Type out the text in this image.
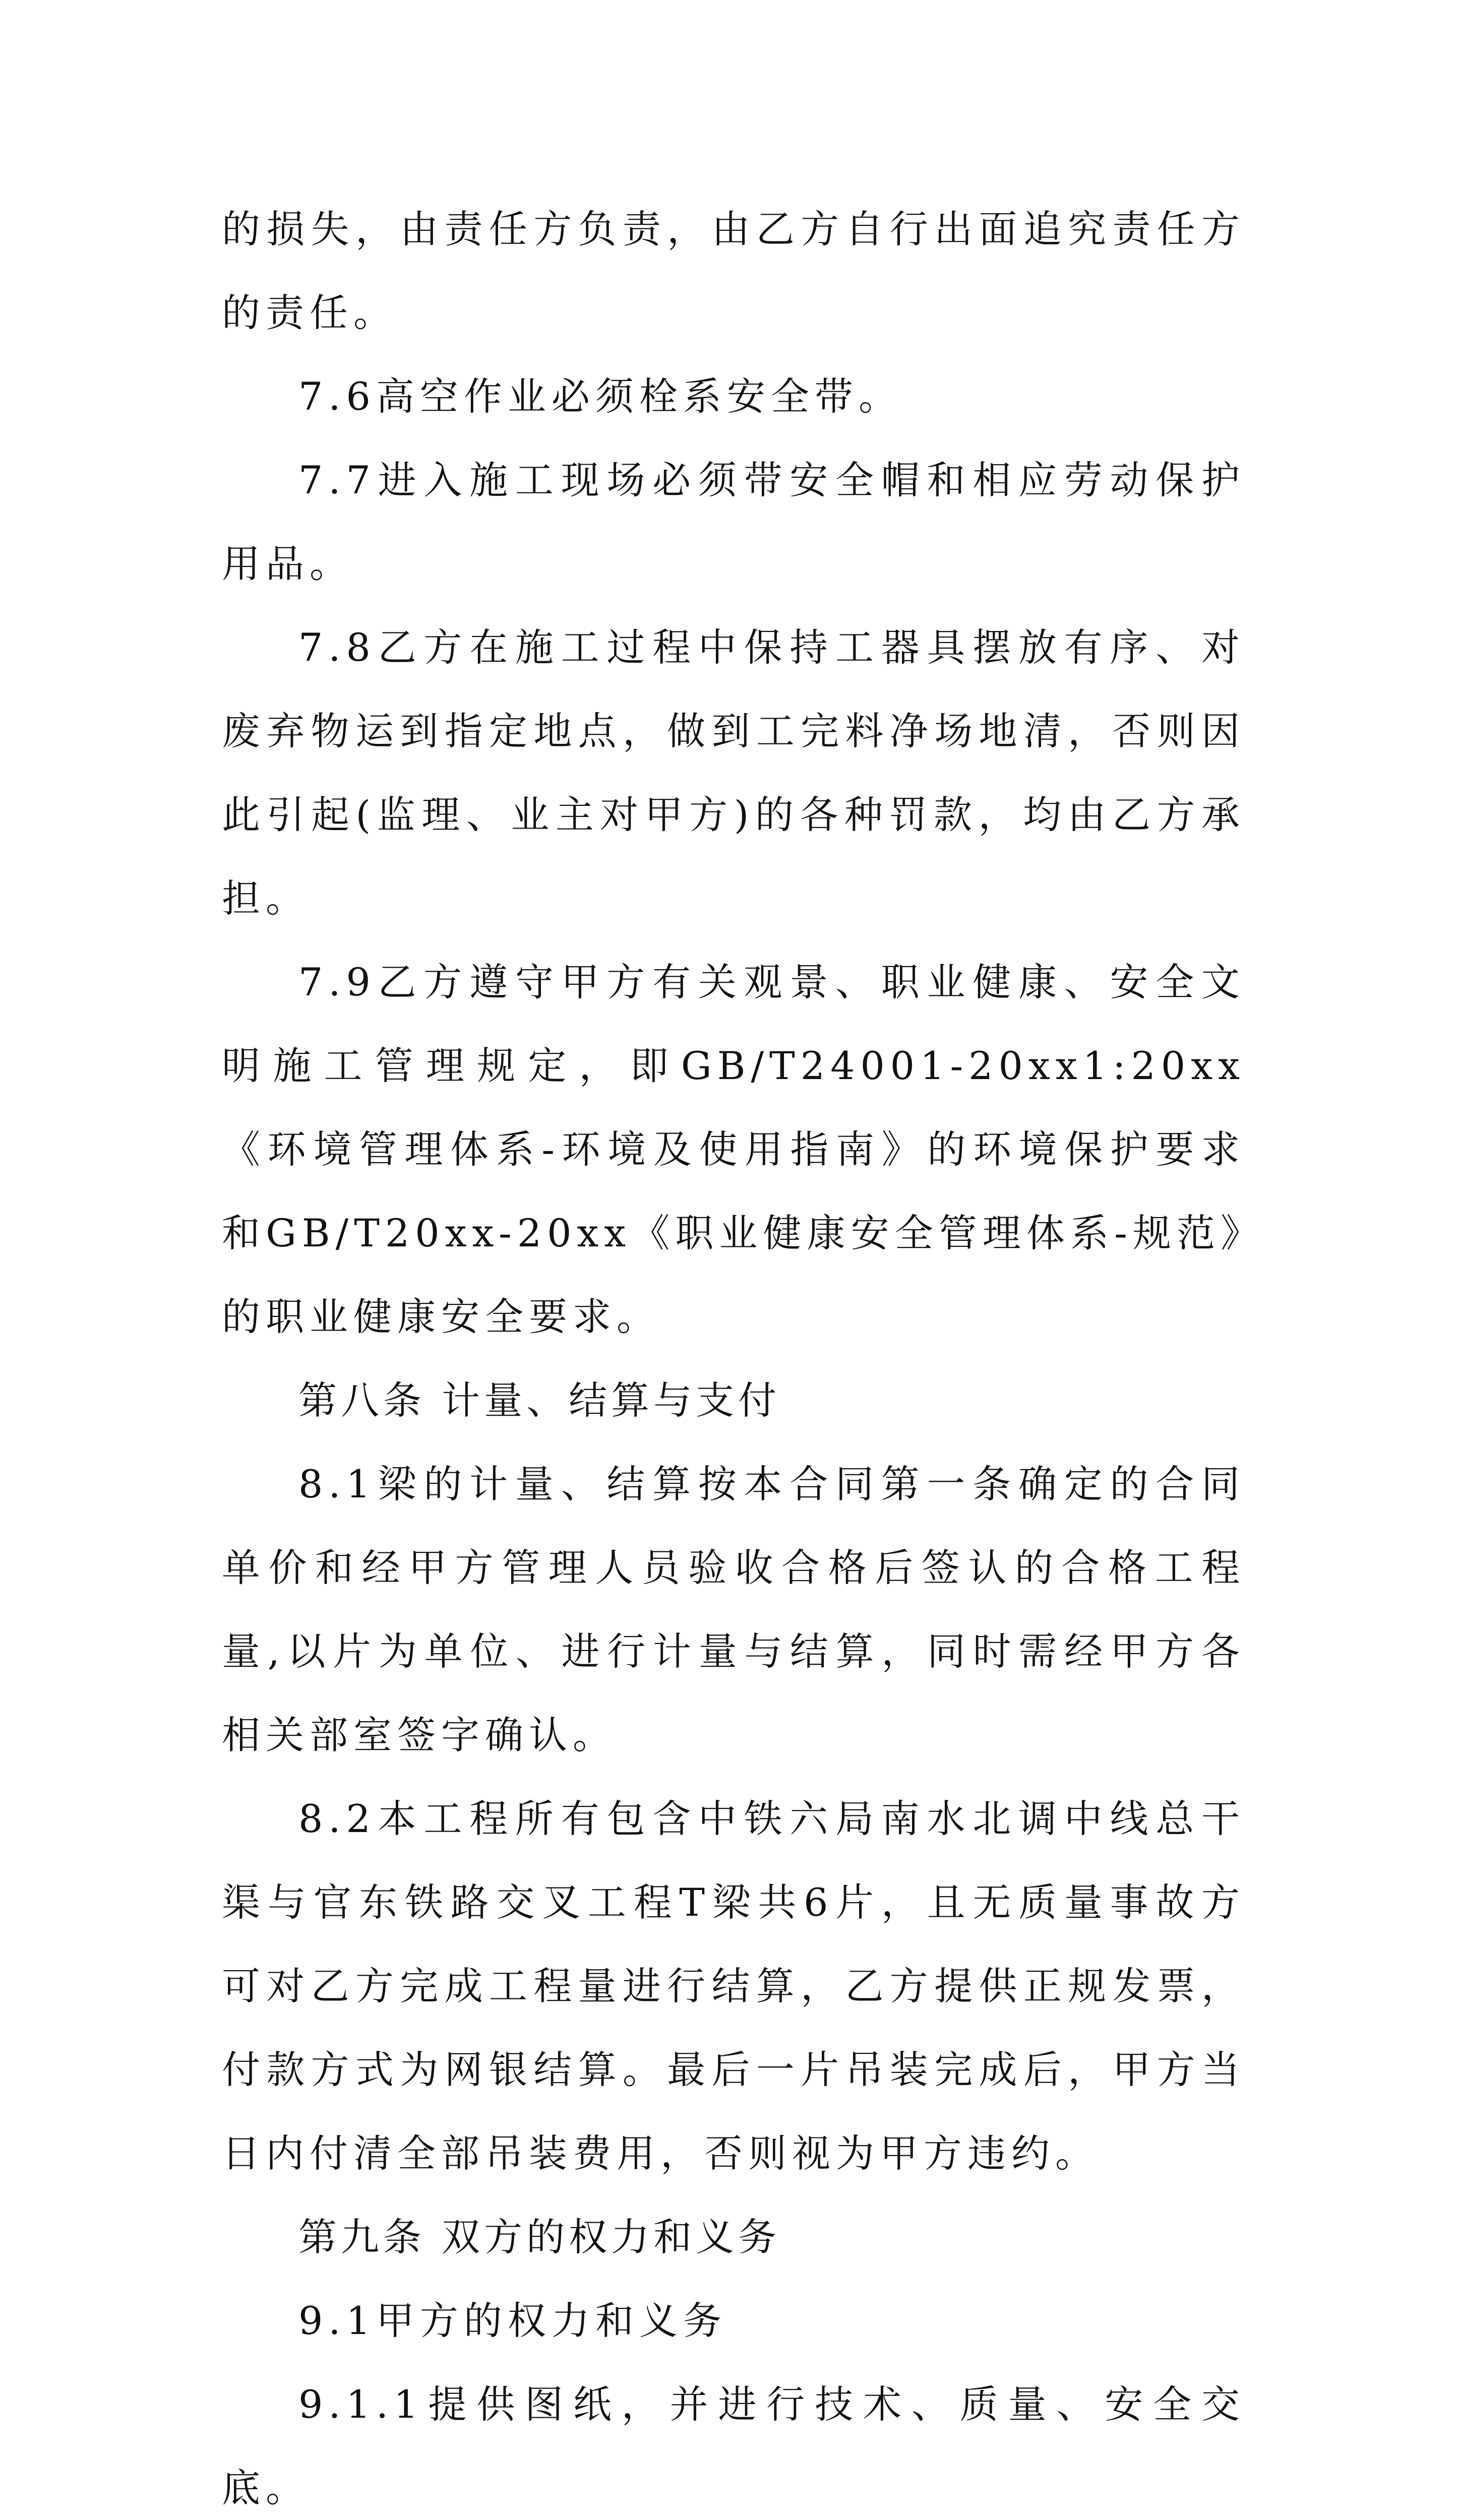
的损失，由责任方负责，由乙方自行出面追究责任方的责任。

7.6高空作业必须栓系安全带。

7.7进入施工现场必须带安全帽和相应劳动保护用品。

7.8乙方在施工过程中保持工器具摆放有序、对废弃物运到指定地点，做到工完料净场地清，否则因此引起(监理、业主对甲方)的各种罚款，均由乙方承担。

7.9乙方遵守甲方有关观景、职业健康、安全文明施工管理规定，即GB/T24001-20xx1:20xx《环境管理体系-环境及使用指南》的环境保护要求和GB/T20xx-20xx《职业健康安全管理体系-规范》的职业健康安全要求。

第八条 计量、结算与支付

8.1梁的计量、结算按本合同第一条确定的合同单价和经甲方管理人员验收合格后签认的合格工程量,以片为单位、进行计量与结算，同时需经甲方各相关部室签字确认。

8.2本工程所有包含中铁六局南水北调中线总干渠与官东铁路交叉工程T梁共6片，且无质量事故方可对乙方完成工程量进行结算，乙方提供正规发票，付款方式为网银结算。最后一片吊装完成后，甲方当日内付清全部吊装费用，否则视为甲方违约。

第九条 双方的权力和义务

9.1甲方的权力和义务

9.1.1提供图纸，并进行技术、质量、安全交底。
